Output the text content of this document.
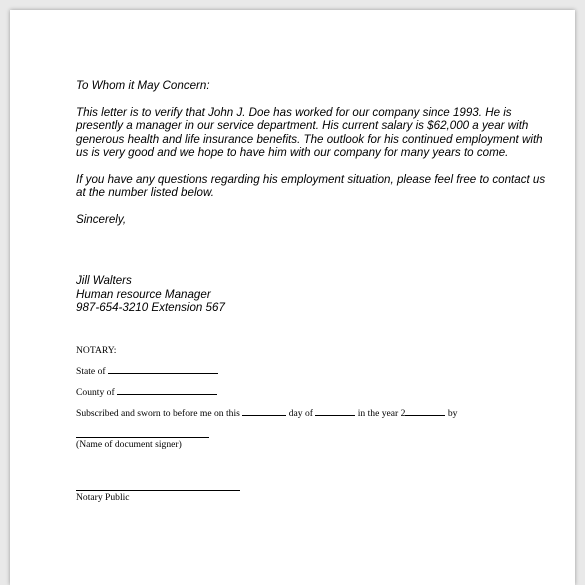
To Whom it May Concern:

This letter is to verify that John J. Doe has worked for our company since 1993. He is presently a manager in our service department. His current salary is $62,000 a year with generous health and life insurance benefits. The outlook for his continued employment with us is very good and we hope to have him with our company for many years to come.

If you have any questions regarding his employment situation, please feel free to contact us at the number listed below.

Sincerely,

Jill Walters
Human resource Manager
987-654-3210 Extension 567
NOTARY:
State of
County of
Subscribed and sworn to before me on this	day of	in the year 2	by
(Name of document signer)
Notary Public
